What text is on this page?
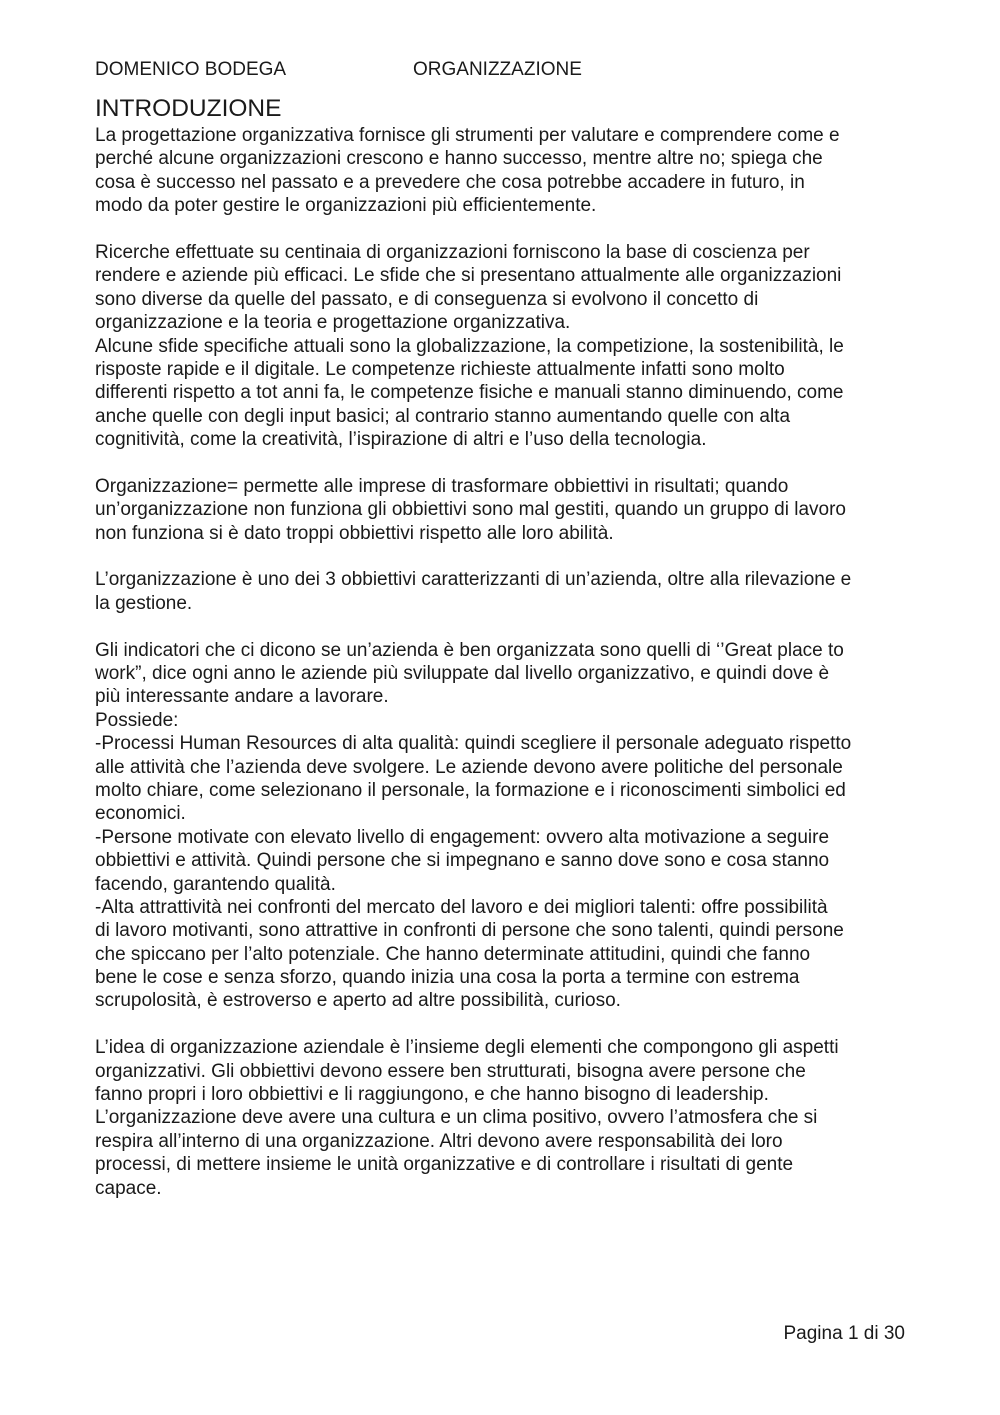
DOMENICO BODEGA	ORGANIZZAZIONE
INTRODUZIONE
La progettazione organizzativa fornisce gli strumenti per valutare e comprendere come e
perché alcune organizzazioni crescono e hanno successo, mentre altre no; spiega che
cosa è successo nel passato e a prevedere che cosa potrebbe accadere in futuro, in
modo da poter gestire le organizzazioni più efficientemente.
Ricerche effettuate su centinaia di organizzazioni forniscono la base di coscienza per
rendere e aziende più efficaci. Le sfide che si presentano attualmente alle organizzazioni
sono diverse da quelle del passato, e di conseguenza si evolvono il concetto di
organizzazione e la teoria e progettazione organizzativa.
Alcune sfide specifiche attuali sono la globalizzazione, la competizione, la sostenibilità, le
risposte rapide e il digitale. Le competenze richieste attualmente infatti sono molto
differenti rispetto a tot anni fa, le competenze fisiche e manuali stanno diminuendo, come
anche quelle con degli input basici; al contrario stanno aumentando quelle con alta
cognitività, come la creatività, l’ispirazione di altri e l’uso della tecnologia.
Organizzazione= permette alle imprese di trasformare obbiettivi in risultati; quando
un’organizzazione non funziona gli obbiettivi sono mal gestiti, quando un gruppo di lavoro
non funziona si è dato troppi obbiettivi rispetto alle loro abilità.
L’organizzazione è uno dei 3 obbiettivi caratterizzanti di un’azienda, oltre alla rilevazione e
la gestione.
Gli indicatori che ci dicono se un’azienda è ben organizzata sono quelli di ‘’Great place to
work”, dice ogni anno le aziende più sviluppate dal livello organizzativo, e quindi dove è
più interessante andare a lavorare.
Possiede:
-Processi Human Resources di alta qualità: quindi scegliere il personale adeguato rispetto
alle attività che l’azienda deve svolgere. Le aziende devono avere politiche del personale
molto chiare, come selezionano il personale, la formazione e i riconoscimenti simbolici ed
economici.
-Persone motivate con elevato livello di engagement: ovvero alta motivazione a seguire
obbiettivi e attività. Quindi persone che si impegnano e sanno dove sono e cosa stanno
facendo, garantendo qualità.
-Alta attrattività nei confronti del mercato del lavoro e dei migliori talenti: offre possibilità
di lavoro motivanti, sono attrattive in confronti di persone che sono talenti, quindi persone
che spiccano per l’alto potenziale. Che hanno determinate attitudini, quindi che fanno
bene le cose e senza sforzo, quando inizia una cosa la porta a termine con estrema
scrupolosità, è estroverso e aperto ad altre possibilità, curioso.
L’idea di organizzazione aziendale è l’insieme degli elementi che compongono gli aspetti
organizzativi. Gli obbiettivi devono essere ben strutturati, bisogna avere persone che
fanno propri i loro obbiettivi e li raggiungono, e che hanno bisogno di leadership.
L’organizzazione deve avere una cultura e un clima positivo, ovvero l’atmosfera che si
respira all’interno di una organizzazione. Altri devono avere responsabilità dei loro
processi, di mettere insieme le unità organizzative e di controllare i risultati di gente
capace.
Pagina 1 di 30
